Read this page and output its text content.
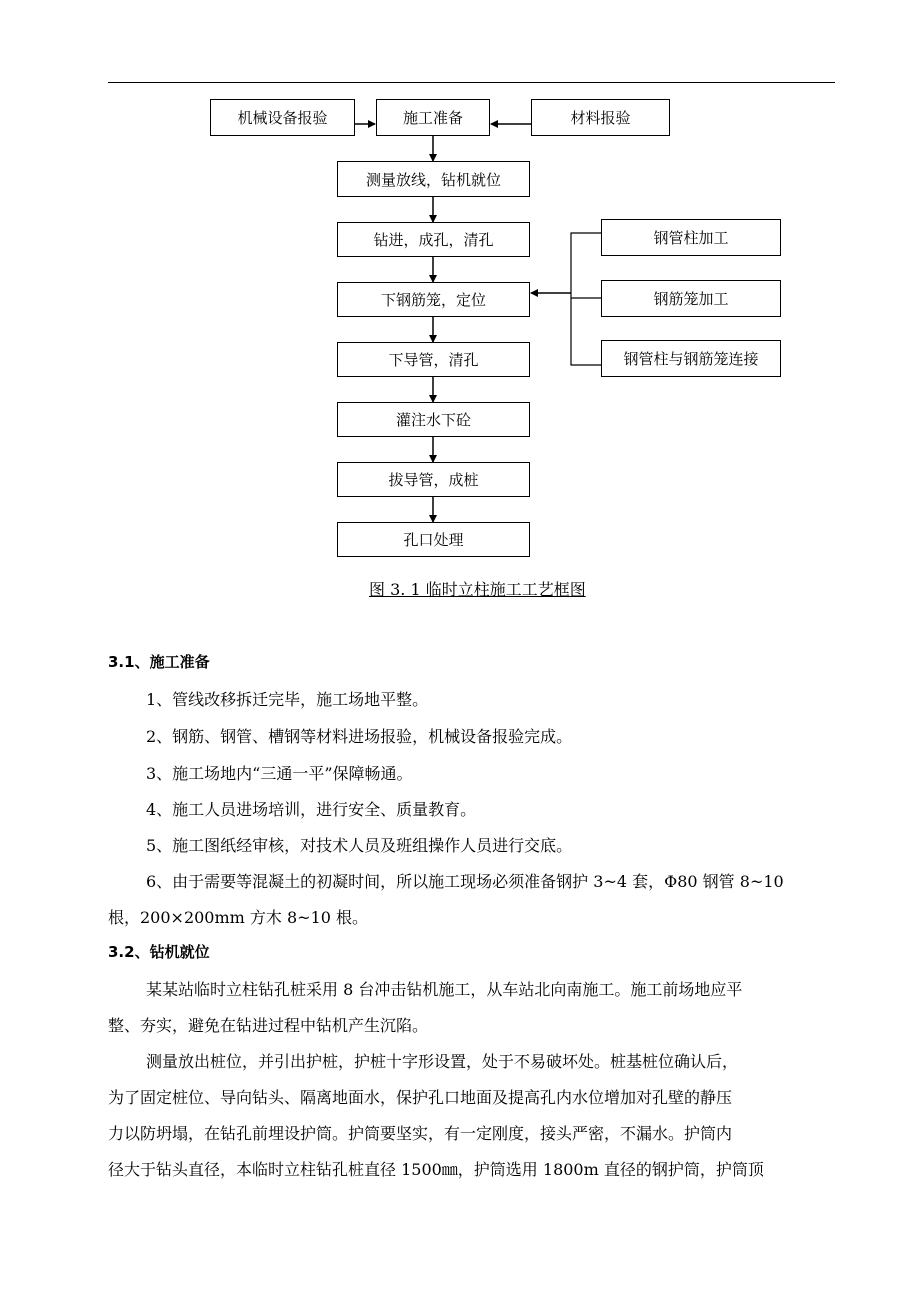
机械设备报验	材料报验
施工准备
测量放线，钻机就位
钻进，成孔，清孔
下钢筋笼，定位
下导管，清孔
灌注水下砼
拔导管，成桩
孔口处理
钢管柱加工
钢筋笼加工
钢管柱与钢筋笼连接
图 3. 1 临时立柱施工工艺框图
3.1、施工准备
1、管线改移拆迁完毕，施工场地平整。
2、钢筋、钢管、槽钢等材料进场报验，机械设备报验完成。
3、施工场地内“三通一平”保障畅通。
4、施工人员进场培训，进行安全、质量教育。
5、施工图纸经审核，对技术人员及班组操作人员进行交底。
6、由于需要等混凝土的初凝时间，所以施工现场必须准备钢护 3~4 套，Φ80 钢管 8~10
根，200×200mm 方木 8~10 根。
3.2、钻机就位
某某站临时立柱钻孔桩采用 8 台冲击钻机施工，从车站北向南施工。施工前场地应平
整、夯实，避免在钻进过程中钻机产生沉陷。
测量放出桩位，并引出护桩，护桩十字形设置，处于不易破坏处。桩基桩位确认后，
为了固定桩位、导向钻头、隔离地面水，保护孔口地面及提高孔内水位增加对孔壁的静压
力以防坍塌，在钻孔前埋设护筒。护筒要坚实，有一定刚度，接头严密，不漏水。护筒内
径大于钻头直径，本临时立柱钻孔桩直径 1500㎜，护筒选用 1800m 直径的钢护筒，护筒顶
